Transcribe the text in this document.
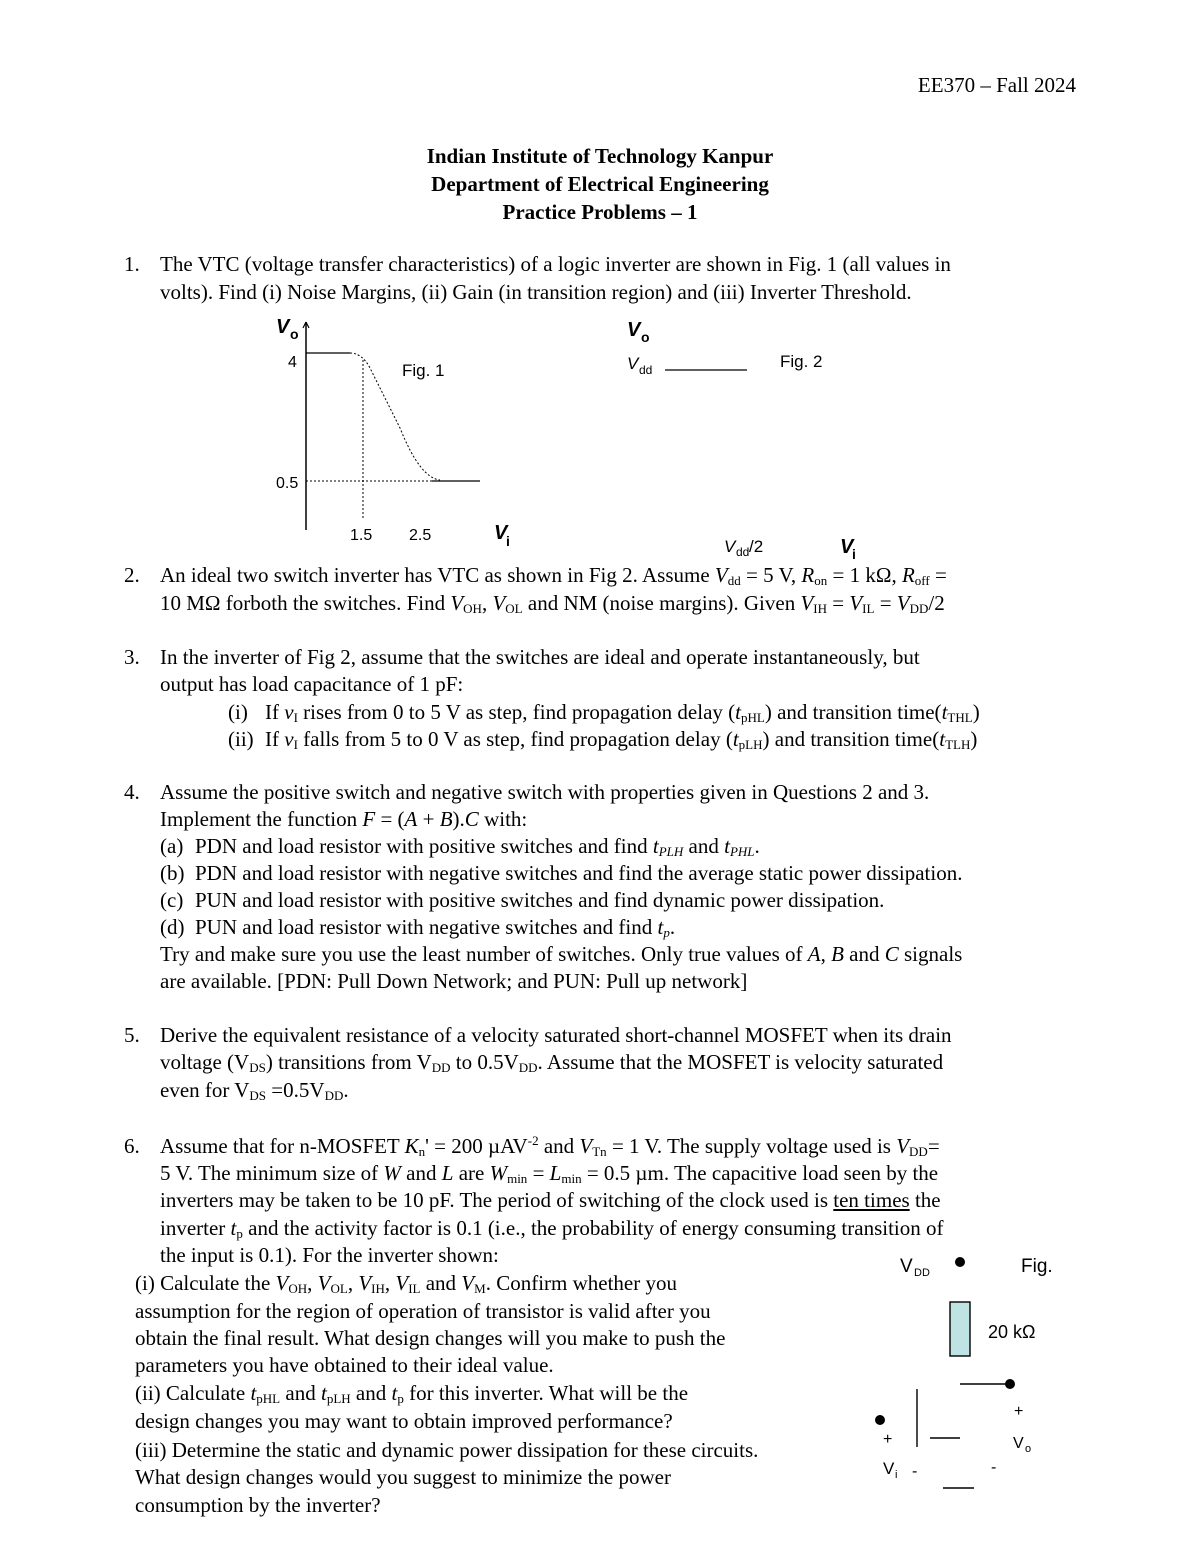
EE370 – Fall 2024
Indian Institute of Technology Kanpur
Department of Electrical Engineering
Practice Problems – 1
1. The VTC (voltage transfer characteristics) of a logic inverter are shown in Fig. 1 (all values in
volts). Find (i) Noise Margins, (ii) Gain (in transition region) and (iii) Inverter Threshold.
V o
Fig. 1
4
0.5
1.5 2.5	V
i
V o
V dd	Fig. 2
V dd /2	V
i
2. An ideal two switch inverter has VTC as shown in Fig 2. Assume $V_{dd} = 5$ V, $R_{on} = 1$ kΩ, $R_{off}$ =
10 MΩ forboth the switches. Find $V_{OH}$, $V_{OL}$ and NM (noise margins). Given $V_{IH} = V_{IL} = V_{DD}/2$
3. In the inverter of Fig 2, assume that the switches are ideal and operate instantaneously, but
output has load capacitance of 1 pF:
(i) If $v_I$ rises from 0 to 5 V as step, find propagation delay $(t_{pHL})$ and transition $time(t_{THL})$
(ii) If $v_I$ falls from 5 to 0 V as step, find propagation delay $(t_{pLH})$ and transition $time(t_{TLH})$
4. Assume the positive switch and negative switch with properties given in Questions 2 and 3.
Implement the function F = (A + B).C with:
(a) PDN and load resistor with positive switches and find $t_{PLH}$ and $t_{PHL}$.
(b) PDN and load resistor with negative switches and find the average static power dissipation.
(c) PUN and load resistor with positive switches and find dynamic power dissipation.
(d) PUN and load resistor with negative switches and find $t_p$.
Try and make sure you use the least number of switches. Only true values of A, B and C signals
are available. [PDN: Pull Down Network; and PUN: Pull up network]
5. Derive the equivalent resistance of a velocity saturated short-channel MOSFET when its drain
voltage $(V_{DS})$ transitions from $V_{DD}$ to $0.5V_{DD}$. Assume that the MOSFET is velocity saturated
even for $V_{DS} =0.5V_{DD}$.
6. Assume that for n-MOSFET $K_n' = 200$ µAV$^{-2}$ and $V_{Tn} = 1$ V. The supply voltage used is $V_{DD}=$
5 V. The minimum size of W and L are $W_{min} = L_{min} = 0.5$ µm. The capacitive load seen by the
inverters may be taken to be 10 pF. The period of switching of the clock used is ten times the
inverter $t_p$ and the activity factor is 0.1 (i.e., the probability of energy consuming transition of
the input is 0.1). For the inverter shown:
(i) Calculate the $V_{OH}$, $V_{OL}$, $V_{IH}$, $V_{IL}$ and $V_M$. Confirm whether you
assumption for the region of operation of transistor is valid after you
obtain the final result. What design changes will you make to push the
parameters you have obtained to their ideal value.
(ii) Calculate $t_{pHL}$ and $t_{pLH}$ and $t_p$ for this inverter. What will be the
design changes you may want to obtain improved performance?
(iii) Determine the static and dynamic power dissipation for these circuits.
What design changes would you suggest to minimize the power
consumption by the inverter?
V DD	Fig.
20 kΩ
+
V o
+
V i -	-
